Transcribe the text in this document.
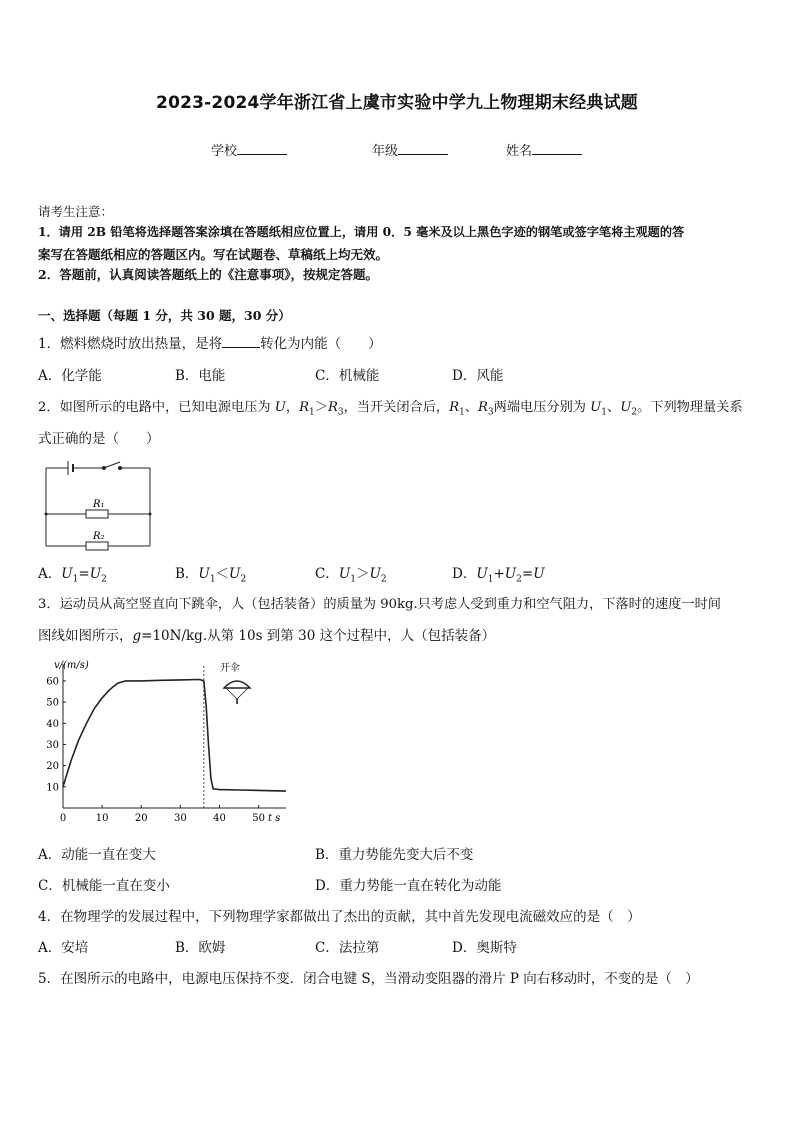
2023-2024学年浙江省上虞市实验中学九上物理期末经典试题
学校	年级	姓名
请考生注意：
1．请用 2B 铅笔将选择题答案涂填在答题纸相应位置上，请用 0．5 毫米及以上黑色字迹的钢笔或签字笔将主观题的答
案写在答题纸相应的答题区内。写在试题卷、草稿纸上均无效。
2．答题前，认真阅读答题纸上的《注意事项》，按规定答题。
一、选择题（每题 1 分，共 30 题，30 分）
1．燃料燃烧时放出热量，是将	转化为内能（　　）
A．化学能	B．电能	C．机械能	D．风能
2．如图所示的电路中，已知电源电压为 U，$R_1>R_3$，当开关闭合后，$R_1$、$R_3$两端电压分别为 $U_1$、$U_2$。下列物理量关系
式正确的是（　　）
R₁
R₂
A．$U_1=U_2$	B．$U_1<U_2$	C．$U_1>U_2$	D．$U_1+U_2=U$
3．运动员从高空竖直向下跳伞，人（包括装备）的质量为 90kg.只考虑人受到重力和空气阻力，下落时的速度一时间
图线如图所示，g=10N/kg.从第 10s 到第 30 这个过程中，人（包括装备）
0	10	20	30	40	50
10
20
30
40
50
60
开伞
v/(m/s)
t s
A．动能一直在变大	B．重力势能先变大后不变
C．机械能一直在变小	D．重力势能一直在转化为动能
4．在物理学的发展过程中，下列物理学家都做出了杰出的贡献，其中首先发现电流磁效应的是（　）
A．安培	B．欧姆	C．法拉第	D．奥斯特
5．在图所示的电路中，电源电压保持不变．闭合电键 S，当滑动变阻器的滑片 P 向右移动时，不变的是（　）
